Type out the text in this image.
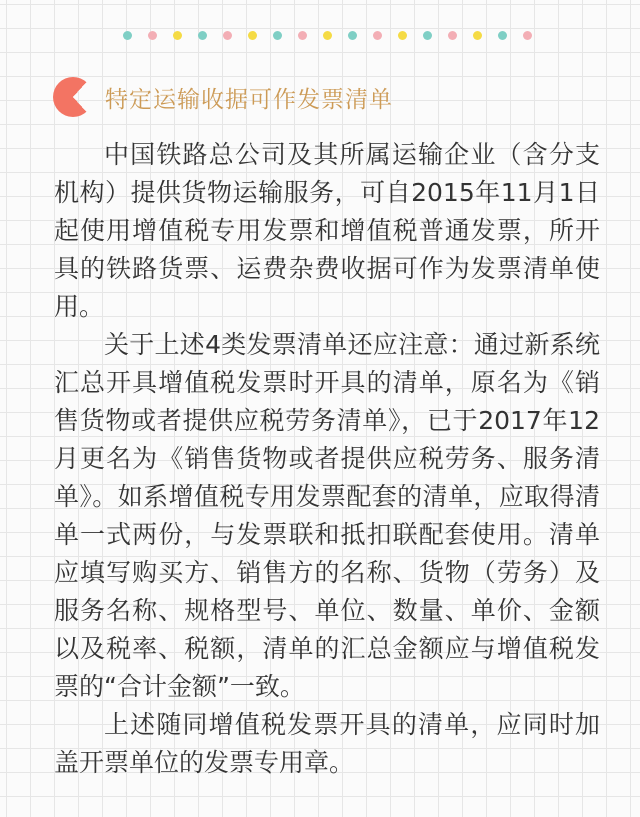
特定运输收据可作发票清单

中国铁路总公司及其所属运输企业（含分支机构）提供货物运输服务，可自2015年11月1日起使用增值税专用发票和增值税普通发票，所开具的铁路货票、运费杂费收据可作为发票清单使用。

关于上述4类发票清单还应注意：通过新系统汇总开具增值税发票时开具的清单，原名为《销售货物或者提供应税劳务清单》，已于2017年12月更名为《销售货物或者提供应税劳务、服务清单》。如系增值税专用发票配套的清单，应取得清单一式两份，与发票联和抵扣联配套使用。清单应填写购买方、销售方的名称、货物（劳务）及服务名称、规格型号、单位、数量、单价、金额以及税率、税额，清单的汇总金额应与增值税发票的“合计金额”一致。

上述随同增值税发票开具的清单，应同时加盖开票单位的发票专用章。
